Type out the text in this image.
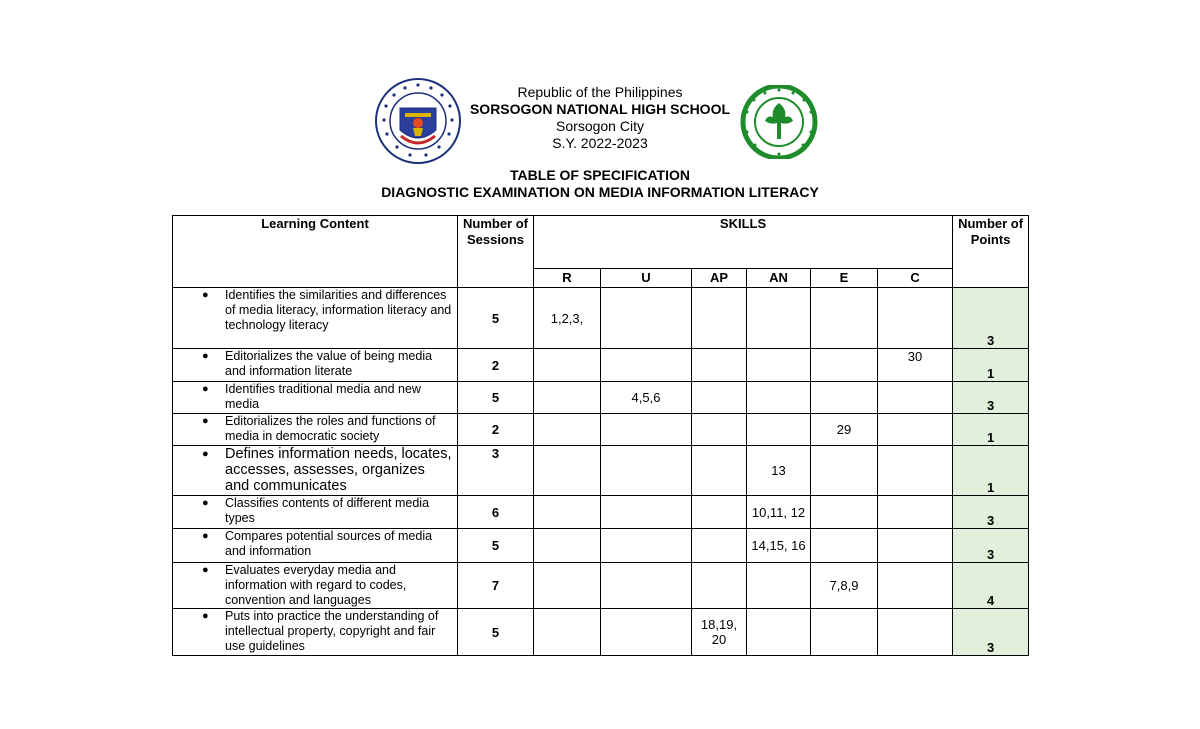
Republic of the Philippines
SORSOGON NATIONAL HIGH SCHOOL
Sorsogon City
S.Y. 2022-2023
TABLE OF SPECIFICATION
DIAGNOSTIC EXAMINATION ON MEDIA INFORMATION LITERACY
Learning Content	Number of Sessions	SKILLS						Number of Points
		R	U	AP	AN	E	C	

● Identifies the similarities and differences of media literacy, information literacy and technology literacy	5	1,2,3,						3

● Editorializes the value of being media and information literate	2						30	1

● Identifies traditional media and new media	5		4,5,6					3

● Editorializes the roles and functions of media in democratic society	2					29		1

● Defines information needs, locates, accesses, assesses, organizes and communicates	3				13			1

● Classifies contents of different media types	6				10,11, 12			3

● Compares potential sources of media and information	5				14,15, 16			3

● Evaluates everyday media and information with regard to codes, convention and languages	7					7,8,9		4

● Puts into practice the understanding of intellectual property, copyright and fair use guidelines	5			18,19, 20				3
